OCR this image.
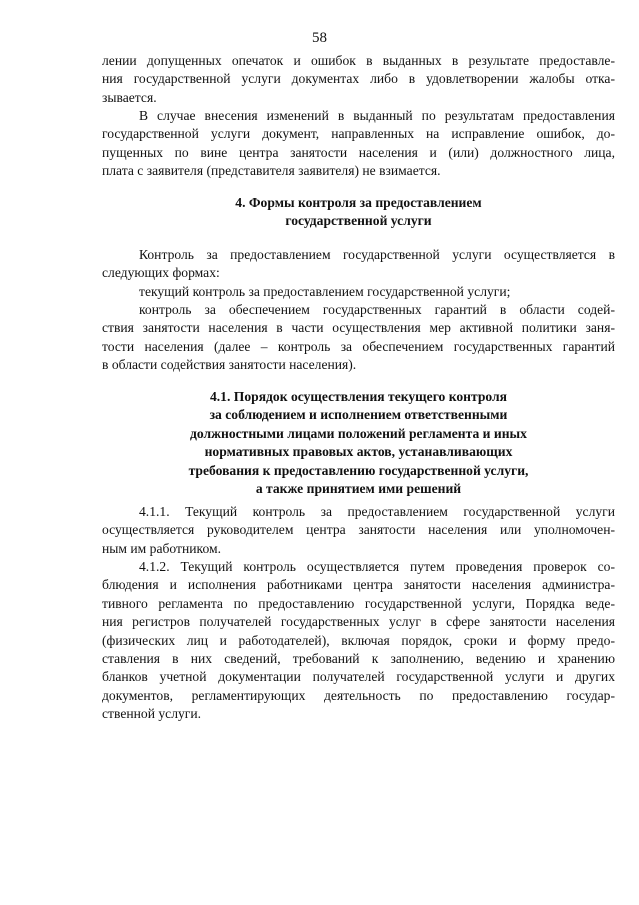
58
лении допущенных опечаток и ошибок в выданных в результате предоставле-
ния государственной услуги документах либо в удовлетворении жалобы отка-
зывается.
В случае внесения изменений в выданный по результатам предоставления
государственной услуги документ, направленных на исправление ошибок, до-
пущенных по вине центра занятости населения и (или) должностного лица,
плата с заявителя (представителя заявителя) не взимается.
4. Формы контроля за предоставлением
государственной услуги
Контроль за предоставлением государственной услуги осуществляется в
следующих формах:
текущий контроль за предоставлением государственной услуги;
контроль за обеспечением государственных гарантий в области содей-
ствия занятости населения в части осуществления мер активной политики заня-
тости населения (далее – контроль за обеспечением государственных гарантий
в области содействия занятости населения).
4.1. Порядок осуществления текущего контроля
за соблюдением и исполнением ответственными
должностными лицами положений регламента и иных
нормативных правовых актов, устанавливающих
требования к предоставлению государственной услуги,
а также принятием ими решений
4.1.1. Текущий контроль за предоставлением государственной услуги
осуществляется руководителем центра занятости населения или уполномочен-
ным им работником.
4.1.2. Текущий контроль осуществляется путем проведения проверок со-
блюдения и исполнения работниками центра занятости населения администра-
тивного регламента по предоставлению государственной услуги, Порядка веде-
ния регистров получателей государственных услуг в сфере занятости населения
(физических лиц и работодателей), включая порядок, сроки и форму предо-
ставления в них сведений, требований к заполнению, ведению и хранению
бланков учетной документации получателей государственной услуги и других
документов, регламентирующих деятельность по предоставлению государ-
ственной услуги.
